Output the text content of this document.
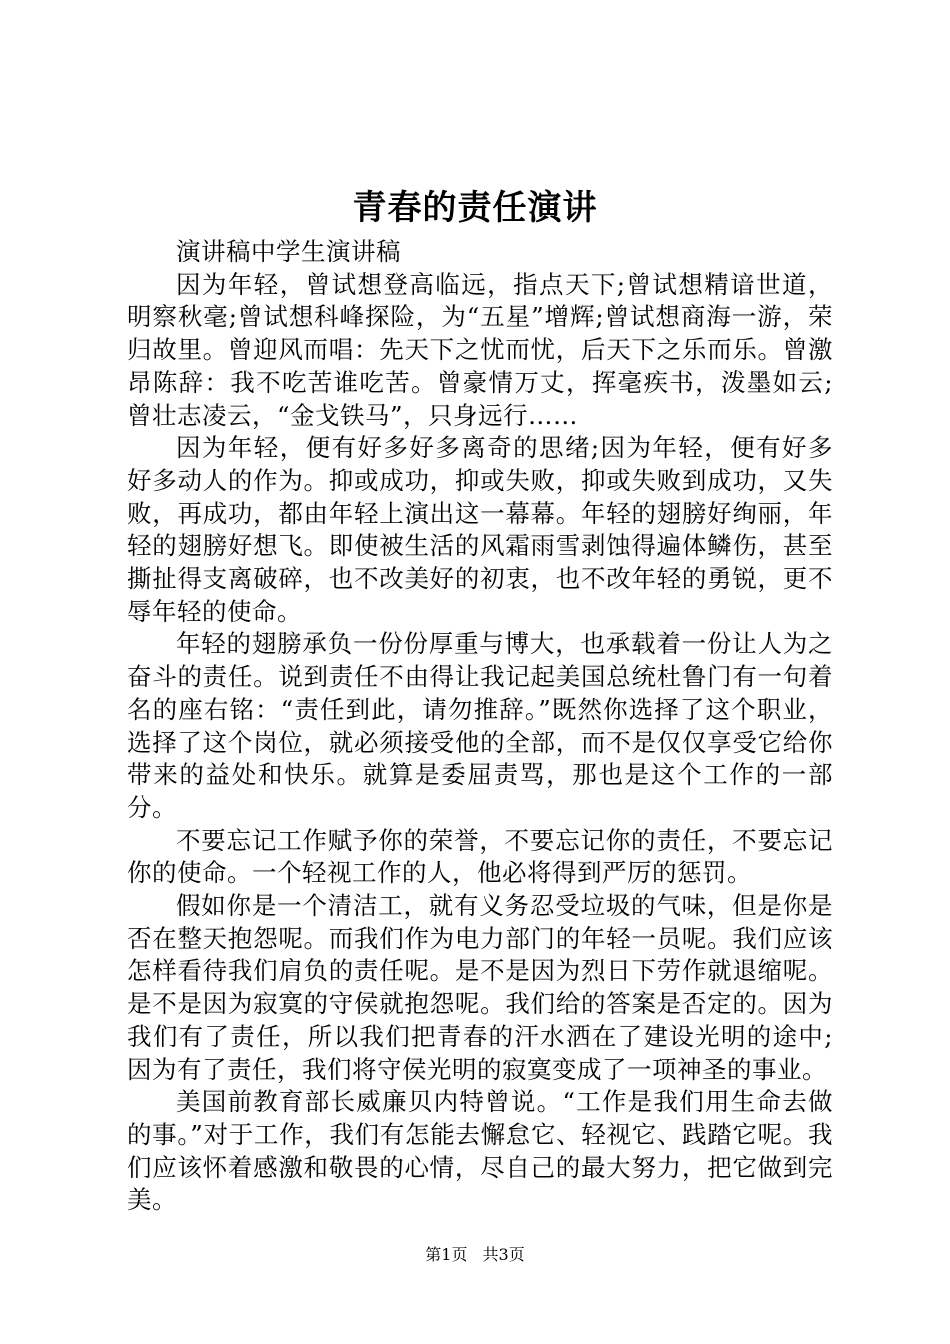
青春的责任演讲

演讲稿中学生演讲稿

因为年轻，曾试想登高临远，指点天下;曾试想精谙世道，明察秋毫;曾试想科峰探险，为“五星”增辉;曾试想商海一游，荣归故里。曾迎风而唱：先天下之忧而忧，后天下之乐而乐。曾激昂陈辞：我不吃苦谁吃苦。曾豪情万丈，挥毫疾书，泼墨如云;曾壮志凌云，“金戈铁马”，只身远行……

因为年轻，便有好多好多离奇的思绪;因为年轻，便有好多好多动人的作为。抑或成功，抑或失败，抑或失败到成功，又失败，再成功，都由年轻上演出这一幕幕。年轻的翅膀好绚丽，年轻的翅膀好想飞。即使被生活的风霜雨雪剥蚀得遍体鳞伤，甚至撕扯得支离破碎，也不改美好的初衷，也不改年轻的勇锐，更不辱年轻的使命。

年轻的翅膀承负一份份厚重与博大，也承载着一份让人为之奋斗的责任。说到责任不由得让我记起美国总统杜鲁门有一句着名的座右铭：“责任到此，请勿推辞。”既然你选择了这个职业，选择了这个岗位，就必须接受他的全部，而不是仅仅享受它给你带来的益处和快乐。就算是委屈责骂，那也是这个工作的一部分。

不要忘记工作赋予你的荣誉，不要忘记你的责任，不要忘记你的使命。一个轻视工作的人，他必将得到严厉的惩罚。

假如你是一个清洁工，就有义务忍受垃圾的气味，但是你是否在整天抱怨呢。而我们作为电力部门的年轻一员呢。我们应该怎样看待我们肩负的责任呢。是不是因为烈日下劳作就退缩呢。是不是因为寂寞的守侯就抱怨呢。我们给的答案是否定的。因为我们有了责任，所以我们把青春的汗水洒在了建设光明的途中;因为有了责任，我们将守侯光明的寂寞变成了一项神圣的事业。

美国前教育部长威廉贝内特曾说。“工作是我们用生命去做的事。”对于工作，我们有怎能去懈怠它、轻视它、践踏它呢。我们应该怀着感激和敬畏的心情，尽自己的最大努力，把它做到完美。

第1页 共3页
